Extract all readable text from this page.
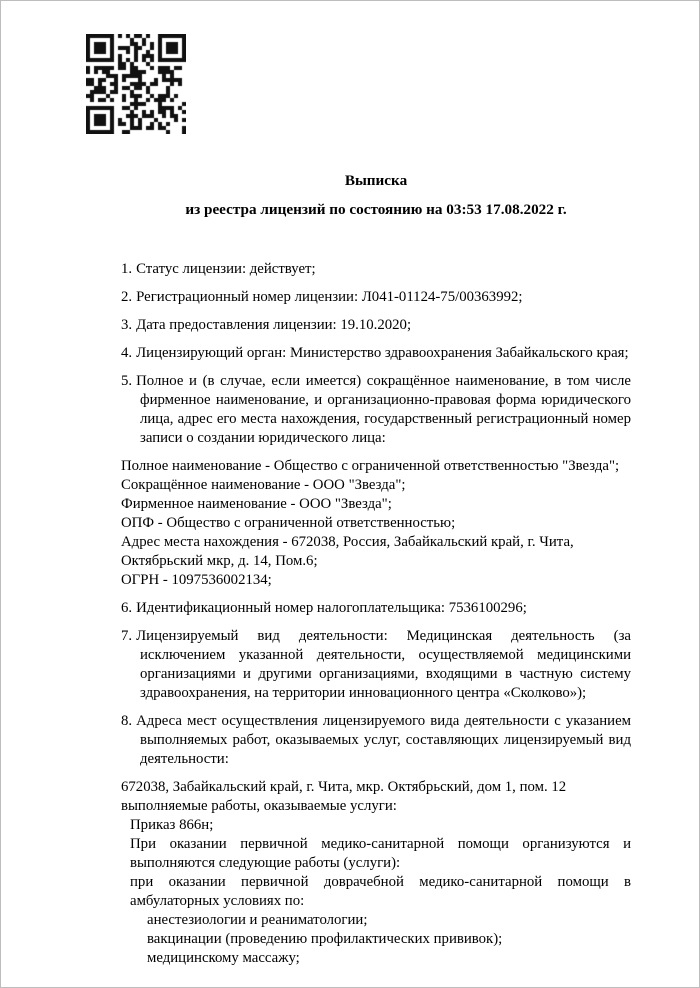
Выписка

из реестра лицензий по состоянию на 03:53 17.08.2022 г.

1. Статус лицензии: действует;

2. Регистрационный номер лицензии: Л041-01124-75/00363992;

3. Дата предоставления лицензии: 19.10.2020;

4. Лицензирующий орган: Министерство здравоохранения Забайкальского края;

5. Полное и (в случае, если имеется) сокращённое наименование, в том числе фирменное наименование, и организационно-правовая форма юридического лица, адрес его места нахождения, государственный регистрационный номер записи о создании юридического лица:

Полное наименование - Общество с ограниченной ответственностью "Звезда";

Сокращённое наименование - ООО "Звезда";

Фирменное наименование - ООО "Звезда";

ОПФ - Общество с ограниченной ответственностью;

Адрес места нахождения - 672038, Россия, Забайкальский край, г. Чита, Октябрьский мкр, д. 14, Пом.6;

ОГРН - 1097536002134;

6. Идентификационный номер налогоплательщика: 7536100296;

7. Лицензируемый вид деятельности: Медицинская деятельность (за исключением указанной деятельности, осуществляемой медицинскими организациями и другими организациями, входящими в частную систему здравоохранения, на территории инновационного центра «Сколково»);

8. Адреса мест осуществления лицензируемого вида деятельности с указанием выполняемых работ, оказываемых услуг, составляющих лицензируемый вид деятельности:

672038, Забайкальский край, г. Чита, мкр. Октябрьский, дом 1, пом. 12

выполняемые работы, оказываемые услуги:

Приказ 866н;

При оказании первичной медико-санитарной помощи организуются и выполняются следующие работы (услуги):

при оказании первичной доврачебной медико-санитарной помощи в амбулаторных условиях по:

анестезиологии и реаниматологии;

вакцинации (проведению профилактических прививок);

медицинскому массажу;
